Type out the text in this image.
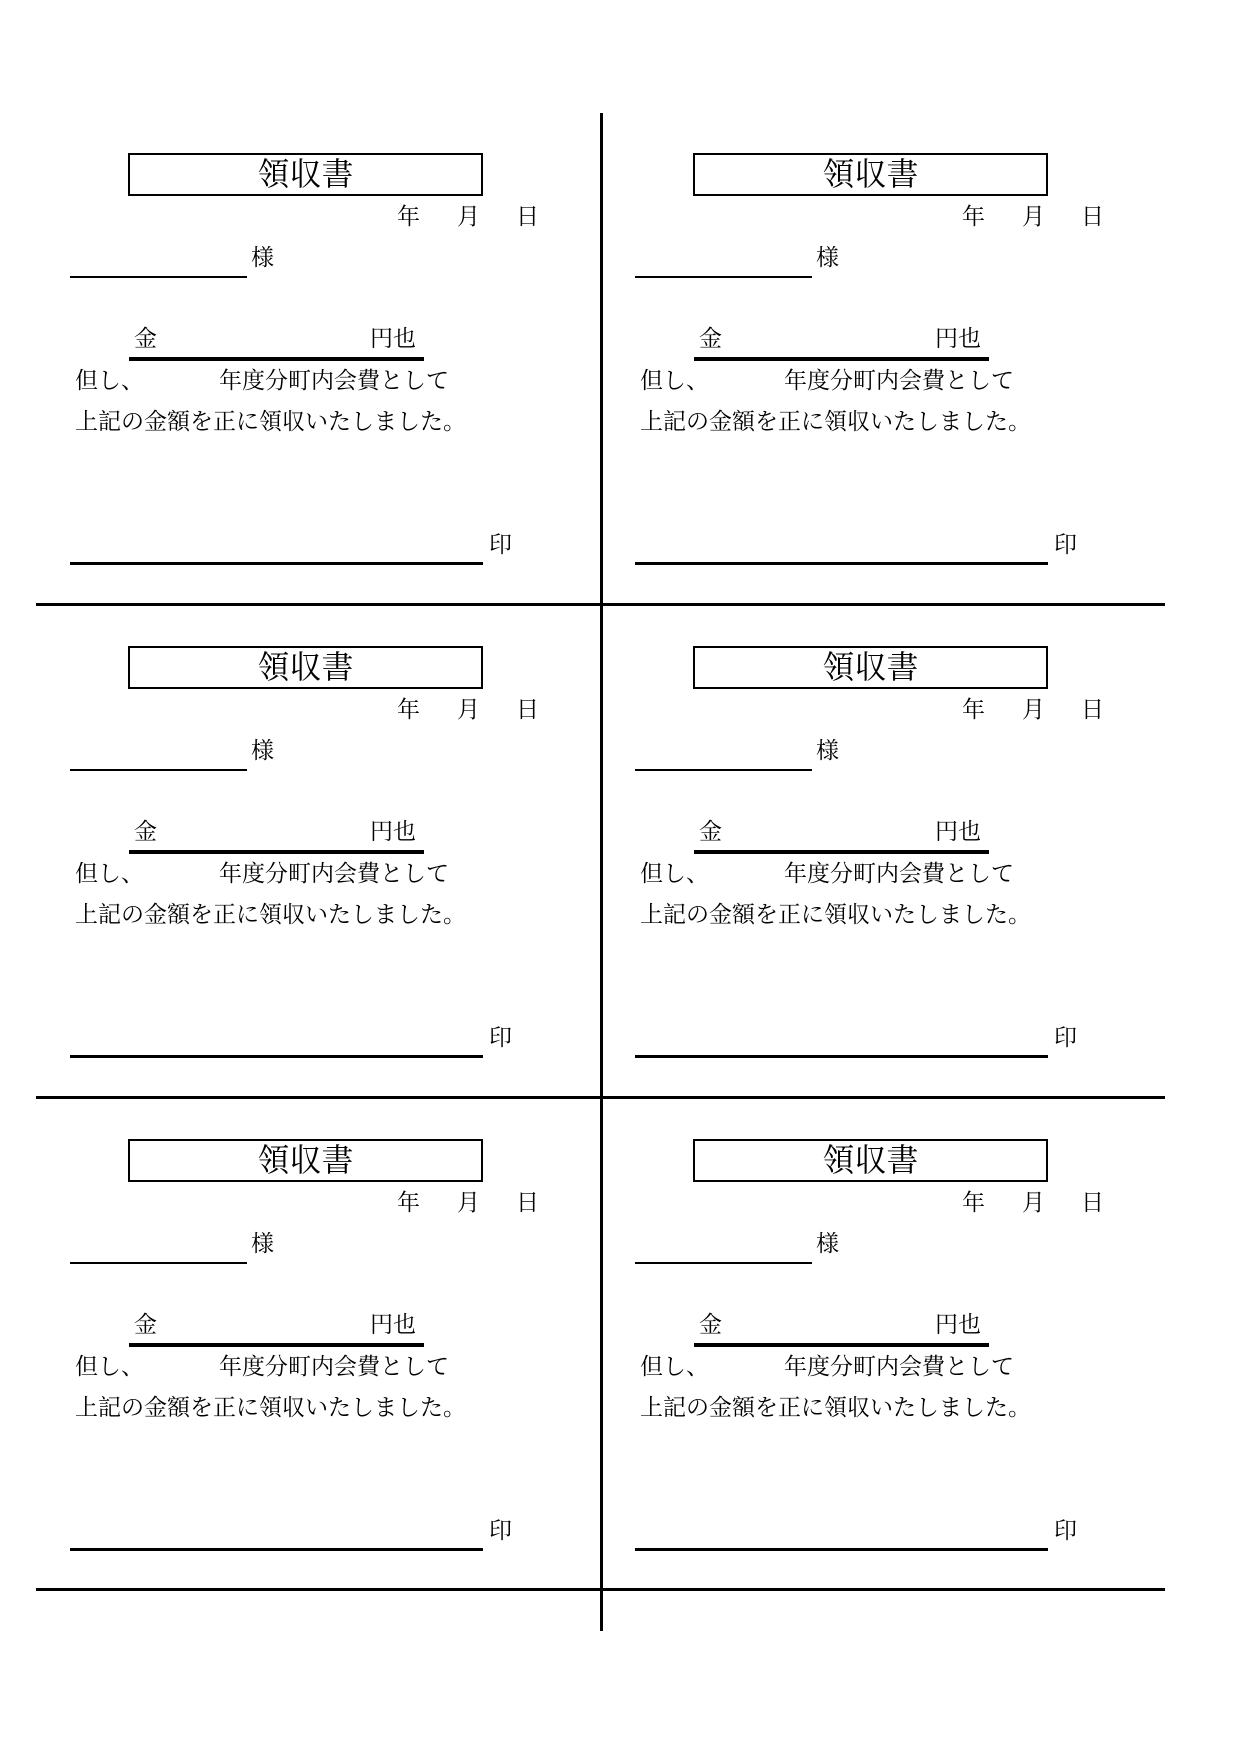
領収書
年 月 日
様
金	円也
但し、	年度分町内会費として
上記の金額を正に領収いたしました。
印
領収書
年 月 日
様
金	円也
但し、	年度分町内会費として
上記の金額を正に領収いたしました。
印
領収書
年 月 日
様
金	円也
但し、	年度分町内会費として
上記の金額を正に領収いたしました。
印
領収書
年 月 日
様
金	円也
但し、	年度分町内会費として
上記の金額を正に領収いたしました。
印
領収書
年 月 日
様
金	円也
但し、	年度分町内会費として
上記の金額を正に領収いたしました。
印
領収書
年 月 日
様
金	円也
但し、	年度分町内会費として
上記の金額を正に領収いたしました。
印
